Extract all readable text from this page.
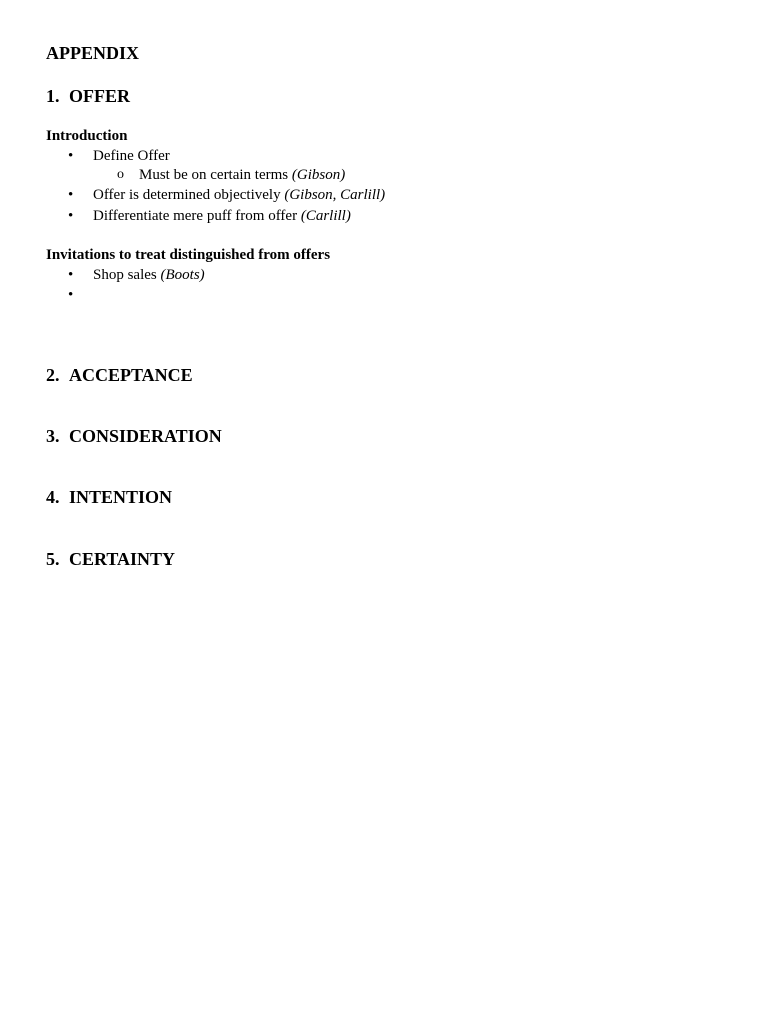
APPENDIX
1. OFFER
Introduction
• Define Offer
o Must be on certain terms (Gibson)
• Offer is determined objectively (Gibson, Carlill)
• Differentiate mere puff from offer (Carlill)
Invitations to treat distinguished from offers
• Shop sales (Boots)
•
2. ACCEPTANCE
3. CONSIDERATION
4. INTENTION
5. CERTAINTY
